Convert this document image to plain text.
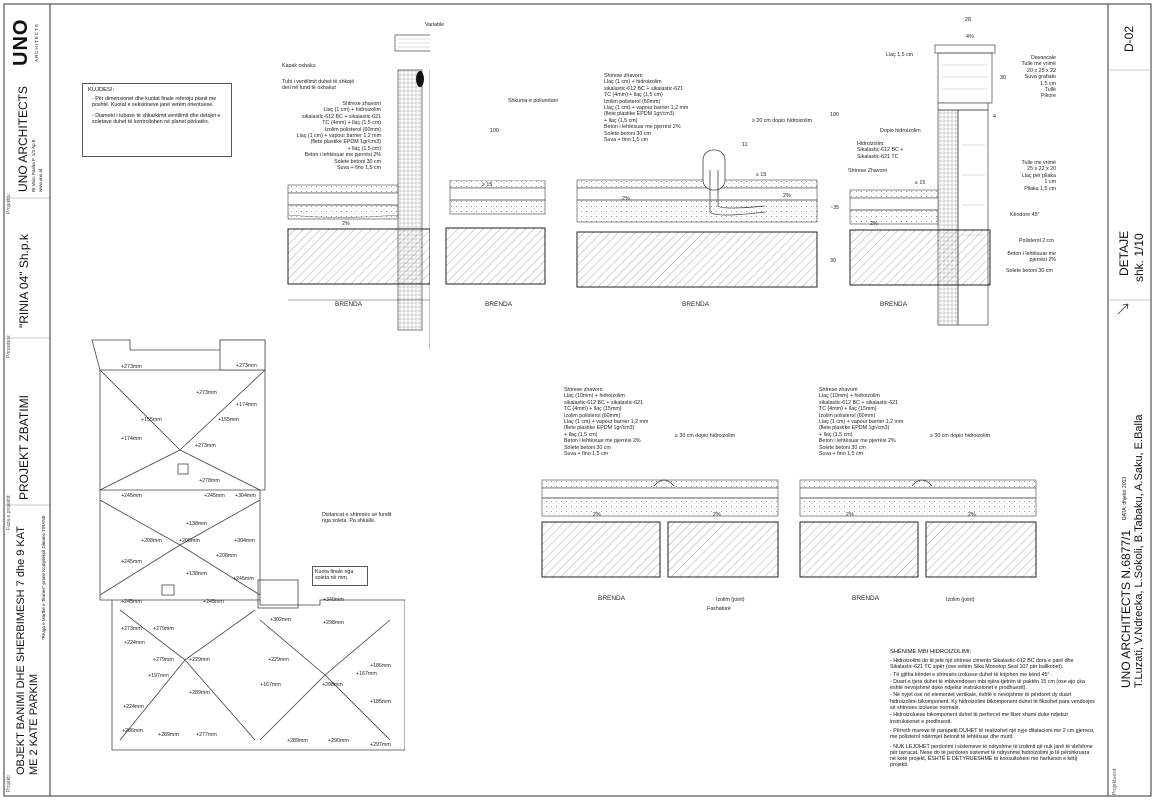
UNO ARCHITECTS
Projektoi:
UNO ARCHITECTS Rr.Vaso Pasha P. 1/3 Ap.8 www.uno.al
Porositesi:
"RINIA 04" Sh.p.k
Faza e projektit:
PROJEKT ZBATIMI
Projekti:
OBJEKT BANIMI DHE SHERBIMESH 7 dhe 9 KAT ME 2 KATE PARKIM
"Rruga e Marthe e Tiranes" prane Kompleksit Dinamo TIRANE
D-02
DETAJE shk. 1/10
DATA: dhjetor 2013
Projektuesit:
UNO ARCHITECTS N.6877/1 T.Luzati, V.Ndrecka, L.Sokoli, B.Tabaku, A.Saku, E.Balla
KUJDES!:
- Për dimensionet dhe kuotat finale referoju planit me poshtë. Kuotat e seksioneve janë vetëm orientuese.
- Diametri i tubave të shkarkimit ventilimit dhe detajet e soletave duhet të kontrollohen në planet përkatës.
Variable
Kapak oxhaku
Tubi i ventilimit duhet të shkojë
deri në fund të oxhakut
Shkuma e poliuretani
Shtrese zhavorri
Llaç (1 cm) + hidroizolim
sikalastic-612 BC + sikalastic-621
TC (4mm) + llaç (1,5 cm)
Izolim polisterol (60mm)
Llaç (1 cm) + vapour barrier 1,2 mm
(flete plastike EPDM 1gr/cm3)
+ llaç (1,5 cm)
Beton i lehtësuar me pjerrësi 2%
Solete betoni 30 cm
Suva + fino 1,5 cm
100
2%
BRENDA	BRENDA
Shtrese zhavorri
Llaç (1 cm) + hidroizolim
sikalastic-612 BC + sikalastic-621
TC (4mm) + llaç (1,5 cm)
Izolim polisterol (60mm)
Llaç (1 cm) + vapour barrier 1,2 mm
(flete plastike EPDM 1gr/cm3)
+ llaç (1,5 cm)
Beton i lehtësuar me pjerrësi 2%
Solete betoni 30 cm
Suva + fino 1,5 cm
≥ 20 cm dopio hidroizolim
11
≥ 15
2%	2%
BRENDA
Llaç 1,5 cm
28
4%
30
4
100
~35
≥ 15
30
Davancale
Tulle me vrimë
20 x 25 x 22
Suva grafiato
1,5 cm
Tullë
Pikore
Dopio hidroizolim
Hidroizolim:
Sikalastic-612 BC +
Sikalastic-621 TC
Shtrese Zhavorri
Tulle me vrimë
25 x 22 x 20
Llaç për pllaka
1 cm
Pllaka 1,5 cm
Këndore 45°
Polisterol 2 cm
Beton i lehtësuar me
pjerrësi 2%
Solete betoni 30 cm
2%
BRENDA
Shtrese zhavorri
Llaç (10mm) + hidroizolim
sikalastic-612 BC + sikalastic-621
TC (4mm) + llaç (15mm)
Izolim polisterol (60mm)
Llaç (1 cm) + vapour barrier 1,2 mm
(flete plastike EPDM 1gr/cm3)
+ llaç (1,5 cm)
Beton i lehtësuar me pjerrësi 2%
Solete betoni 30 cm
Suva + fino 1,5 cm
≥ 30 cm dopio hidroizolim
2%	2%
BRENDA	Izolim (joint)
Fashaturë
Shtrese zhavorri
Llaç (10mm) + hidroizolim
sikalastic-612 BC + sikalastic-621
TC (4mm) + llaç (15mm)
Izolim polisterol (60mm)
Llaç (1 cm) + vapour barrier 1,2 mm
(flete plastike EPDM 1gr/cm3)
+ llaç (1,5 cm)
Beton i lehtësuar me pjerrësi 2%
Solete betoni 30 cm
Suva + fino 1,5 cm
≥ 30 cm dopio hidroizolim
2%	2%
BRENDA	Izolim (joint)
Distancat e shtresës së fundit
nga soleta. Pa shkallë.
Kuota finale nga
soleta në mm.
+273mm	+273mm
+273mm
+174mm
+155mm	+155mm
+174mm
+273mm
+278mm
+245mm	+245mm +304mm
+138mm
+208mm	+208mm	+304mm
+208mm
+245mm
+138mm
+245mm
+245mm	+245mm	+340mm
+302mm	+298mm
+273mm +279mm
+224mm
+279mm	+229mm	+229mm
+186mm
+197mm
+167mm
+167mm
+289mm
+298mm
+224mm
+185mm
+286mm
+289mm	+277mm
+289mm	+290mm
+297mm
SHËNIME MBI HIDROIZOLIMI:
- Hidroizolimi do të jetë një shtrese cimento Sikalastic-612 BC dora e parë dhe Sikalastic-621 TC sipër (ose vetëm Sika Monotop Seal 107 për ballkonet).
- Të gjitha këndet e shtresës izoluese duhet të krijohen me kënd 45°.
- Duart e tjera duhet të mbivendosen mbi njëra-tjetrën të paktën 15 cm (ose ajo çka është nevojshmë duke ndjekur instruksionet e prodhuesit).
- Në nyjet ose në elementet vertikale, është e nevojshme të përdoret dy duart hidroizolimi bikomponent. Ky hidroizolimi bikomponent duhet të fiksohet para vendosjes së shtreses izoluese normale.
- Hidroizoluese bikomponent duhet të perforcet me fiber xhami duke ndjekur instruksionet e prodhuesit.
- Përreth mureve të parapetit DUHET të realizohet një nyje dilatacioni me 2 cm gjerresi, me polisterol ndërmjet betonit të lehtësuar dhe murit.
- NUK LEJOHET perdorimi i sistemeve të ndryshme të izolimit që nuk janë të vlefshme për tarracat. Nese do të perdoren sistemet të ndryshme hidroizolimi jo të përshkruara në këtë projekt, ËSHTË E DETYRUESHME të konsultoheni me harfuesin e këtij projekti.
